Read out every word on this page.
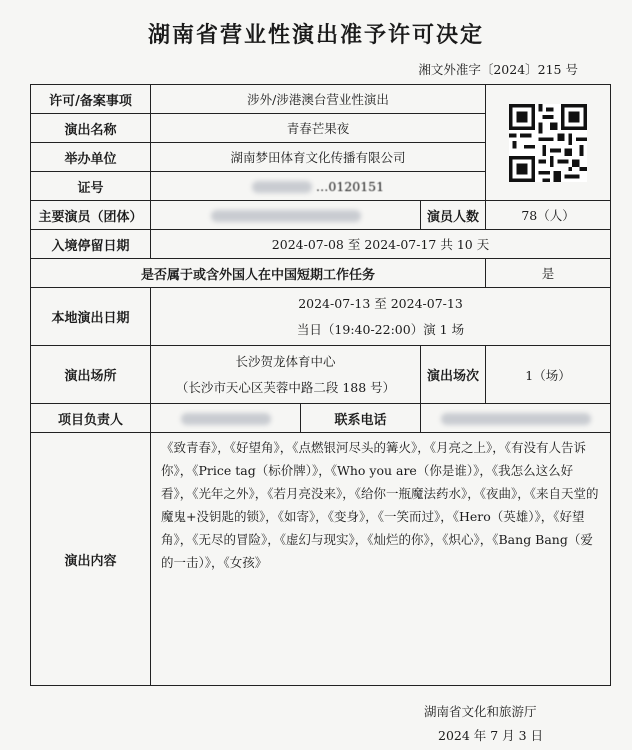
湖南省营业性演出准予许可决定
湘文外准字〔2024〕215 号
许可/备案事项	涉外/涉港澳台营业性演出	

演出名称	青春芒果夜			
举办单位	湖南梦田体育文化传播有限公司			
证号	…0120151			
主要演员（团体）			演员人数	78（人）
入境停留日期	2024-07-08 至 2024-07-17 共 10 天			
是否属于或含外国人在中国短期工作任务				是
本地演出日期	2024-07-13 至 2024-07-13
当日（19:40-22:00）演 1 场			

演出场所	长沙贺龙体育中心
（长沙市天心区芙蓉中路二段 188 号）		演出场次	1（场）
项目负责人		联系电话		
演出内容	《致青春》，《好望角》，《点燃银河尽头的篝火》，《月亮之上》，《有没有人告诉你》，《Price tag（标价牌）》，《Who you are（你是谁）》，《我怎么这么好看》，《光年之外》，《若月亮没来》，《给你一瓶魔法药水》，《夜曲》，《来自天堂的魔鬼+没钥匙的锁》，《如寄》，《变身》，《一笑而过》，《Hero（英雄）》，《好望角》，《无尽的冒险》，《虚幻与现实》，《灿烂的你》，《炽心》，《Bang Bang（爱的一击）》，《女孩》			
湖南省文化和旅游厅
2024 年 7 月 3 日
